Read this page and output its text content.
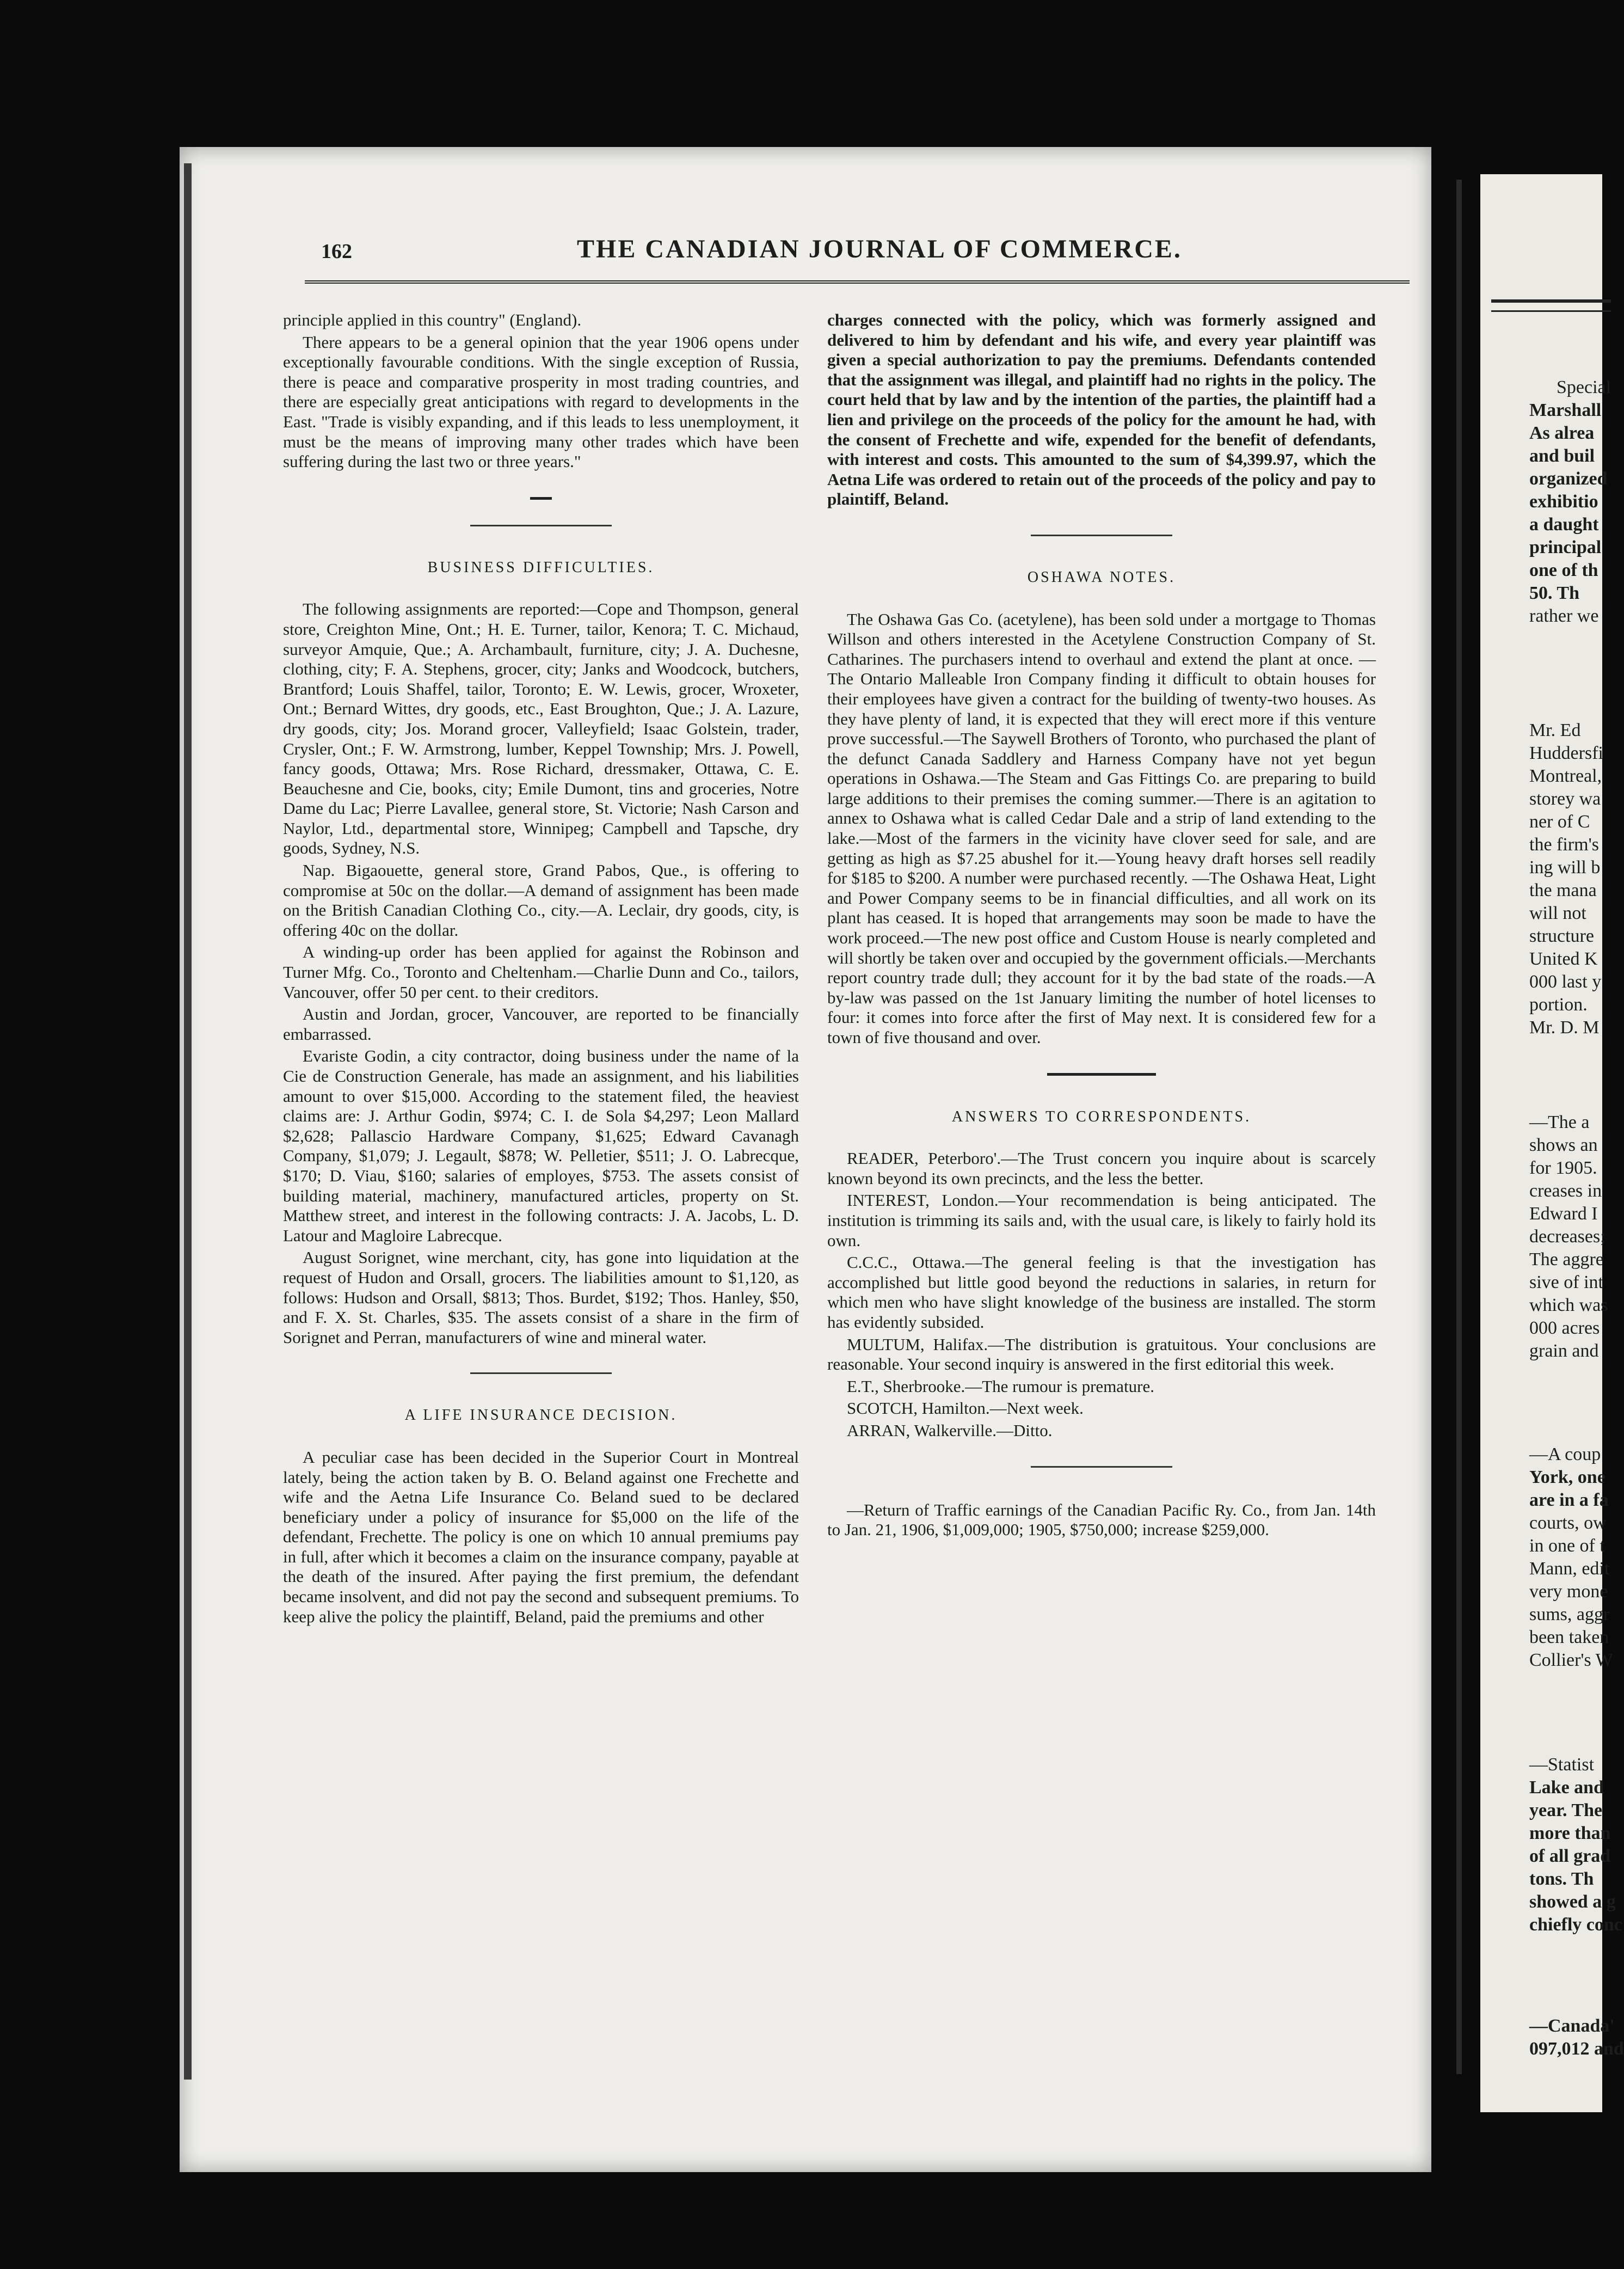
162	THE CANADIAN JOURNAL OF COMMERCE.

principle applied in this country" (England).

There appears to be a general opinion that the year 1906 opens under exceptionally favourable conditions. With the single exception of Russia, there is peace and comparative prosperity in most trading countries, and there are especially great anticipations with regard to developments in the East. "Trade is visibly expanding, and if this leads to less unemployment, it must be the means of improving many other trades which have been suffering during the last two or three years."

BUSINESS DIFFICULTIES.

The following assignments are reported:—Cope and Thompson, general store, Creighton Mine, Ont.; H. E. Turner, tailor, Kenora; T. C. Michaud, surveyor Amquie, Que.; A. Archambault, furniture, city; J. A. Duchesne, clothing, city; F. A. Stephens, grocer, city; Janks and Woodcock, butchers, Brantford; Louis Shaffel, tailor, Toronto; E. W. Lewis, grocer, Wroxeter, Ont.; Bernard Wittes, dry goods, etc., East Broughton, Que.; J. A. Lazure, dry goods, city; Jos. Morand grocer, Valleyfield; Isaac Golstein, trader, Crysler, Ont.; F. W. Armstrong, lumber, Keppel Township; Mrs. J. Powell, fancy goods, Ottawa; Mrs. Rose Richard, dressmaker, Ottawa, C. E. Beauchesne and Cie, books, city; Emile Dumont, tins and groceries, Notre Dame du Lac; Pierre Lavallee, general store, St. Victorie; Nash Carson and Naylor, Ltd., departmental store, Winnipeg; Campbell and Tapsche, dry goods, Sydney, N.S.

Nap. Bigaouette, general store, Grand Pabos, Que., is offering to compromise at 50c on the dollar.—A demand of assignment has been made on the British Canadian Clothing Co., city.—A. Leclair, dry goods, city, is offering 40c on the dollar.

A winding-up order has been applied for against the Robinson and Turner Mfg. Co., Toronto and Cheltenham.—Charlie Dunn and Co., tailors, Vancouver, offer 50 per cent. to their creditors.

Austin and Jordan, grocer, Vancouver, are reported to be financially embarrassed.

Evariste Godin, a city contractor, doing business under the name of la Cie de Construction Generale, has made an assignment, and his liabilities amount to over $15,000. According to the statement filed, the heaviest claims are: J. Arthur Godin, $974; C. I. de Sola $4,297; Leon Mallard $2,628; Pallascio Hardware Company, $1,625; Edward Cavanagh Company, $1,079; J. Legault, $878; W. Pelletier, $511; J. O. Labrecque, $170; D. Viau, $160; salaries of employes, $753. The assets consist of building material, machinery, manufactured articles, property on St. Matthew street, and interest in the following contracts: J. A. Jacobs, L. D. Latour and Magloire Labrecque.

August Sorignet, wine merchant, city, has gone into liquidation at the request of Hudon and Orsall, grocers. The liabilities amount to $1,120, as follows: Hudson and Orsall, $813; Thos. Burdet, $192; Thos. Hanley, $50, and F. X. St. Charles, $35. The assets consist of a share in the firm of Sorignet and Perran, manufacturers of wine and mineral water.

A LIFE INSURANCE DECISION.

A peculiar case has been decided in the Superior Court in Montreal lately, being the action taken by B. O. Beland against one Frechette and wife and the Aetna Life Insurance Co. Beland sued to be declared beneficiary under a policy of insurance for $5,000 on the life of the defendant, Frechette. The policy is one on which 10 annual premiums pay in full, after which it becomes a claim on the insurance company, payable at the death of the insured. After paying the first premium, the defendant became insolvent, and did not pay the second and subsequent premiums. To keep alive the policy the plaintiff, Beland, paid the premiums and other

charges connected with the policy, which was formerly assigned and delivered to him by defendant and his wife, and every year plaintiff was given a special authorization to pay the premiums. Defendants contended that the assignment was illegal, and plaintiff had no rights in the policy. The court held that by law and by the intention of the parties, the plaintiff had a lien and privilege on the proceeds of the policy for the amount he had, with the consent of Frechette and wife, expended for the benefit of defendants, with interest and costs. This amounted to the sum of $4,399.97, which the Aetna Life was ordered to retain out of the proceeds of the policy and pay to plaintiff, Beland.

OSHAWA NOTES.

The Oshawa Gas Co. (acetylene), has been sold under a mortgage to Thomas Willson and others interested in the Acetylene Construction Company of St. Catharines. The purchasers intend to overhaul and extend the plant at once. —The Ontario Malleable Iron Company finding it difficult to obtain houses for their employees have given a contract for the building of twenty-two houses. As they have plenty of land, it is expected that they will erect more if this venture prove successful.—The Saywell Brothers of Toronto, who purchased the plant of the defunct Canada Saddlery and Harness Company have not yet begun operations in Oshawa.—The Steam and Gas Fittings Co. are preparing to build large additions to their premises the coming summer.—There is an agitation to annex to Oshawa what is called Cedar Dale and a strip of land extending to the lake.—Most of the farmers in the vicinity have clover seed for sale, and are getting as high as $7.25 abushel for it.—Young heavy draft horses sell readily for $185 to $200. A number were purchased recently. —The Oshawa Heat, Light and Power Company seems to be in financial difficulties, and all work on its plant has ceased. It is hoped that arrangements may soon be made to have the work proceed.—The new post office and Custom House is nearly completed and will shortly be taken over and occupied by the government officials.—Merchants report country trade dull; they account for it by the bad state of the roads.—A by-law was passed on the 1st January limiting the number of hotel licenses to four: it comes into force after the first of May next. It is considered few for a town of five thousand and over.

ANSWERS TO CORRESPONDENTS.

READER, Peterboro'.—The Trust concern you inquire about is scarcely known beyond its own precincts, and the less the better.

INTEREST, London.—Your recommendation is being anticipated. The institution is trimming its sails and, with the usual care, is likely to fairly hold its own.

C.C.C., Ottawa.—The general feeling is that the investigation has accomplished but little good beyond the reductions in salaries, in return for which men who have slight knowledge of the business are installed. The storm has evidently subsided.

MULTUM, Halifax.—The distribution is gratuitous. Your conclusions are reasonable. Your second inquiry is answered in the first editorial this week.

E.T., Sherbrooke.—The rumour is premature.

SCOTCH, Hamilton.—Next week.

ARRAN, Walkerville.—Ditto.

—Return of Traffic earnings of the Canadian Pacific Ry. Co., from Jan. 14th to Jan. 21, 1906, $1,009,000; 1905, $750,000; increase $259,000.

Special
Marshall
As alrea
and buil
organized
exhibitio
a daught
principal
one of th
50. Th
rather we
Mr. Ed
Huddersfi
Montreal,
storey wa
ner of C
the firm's
ing will b
the mana
will not
structure
United K
000 last y
portion.
Mr. D. M
—The a
shows an
for 1905.
creases in
Edward I
decreases;
The aggre
sive of int
which was
000 acres
grain and
—A coup
York, one
are in a fa
courts, ow
in one of t
Mann, edit
very mone
sums, aggr
been taken
Collier's W
—Statist
Lake and
year. The
more than
of all grad
tons. Th
showed a g
chiefly conc
—Canada'
097,012 and
